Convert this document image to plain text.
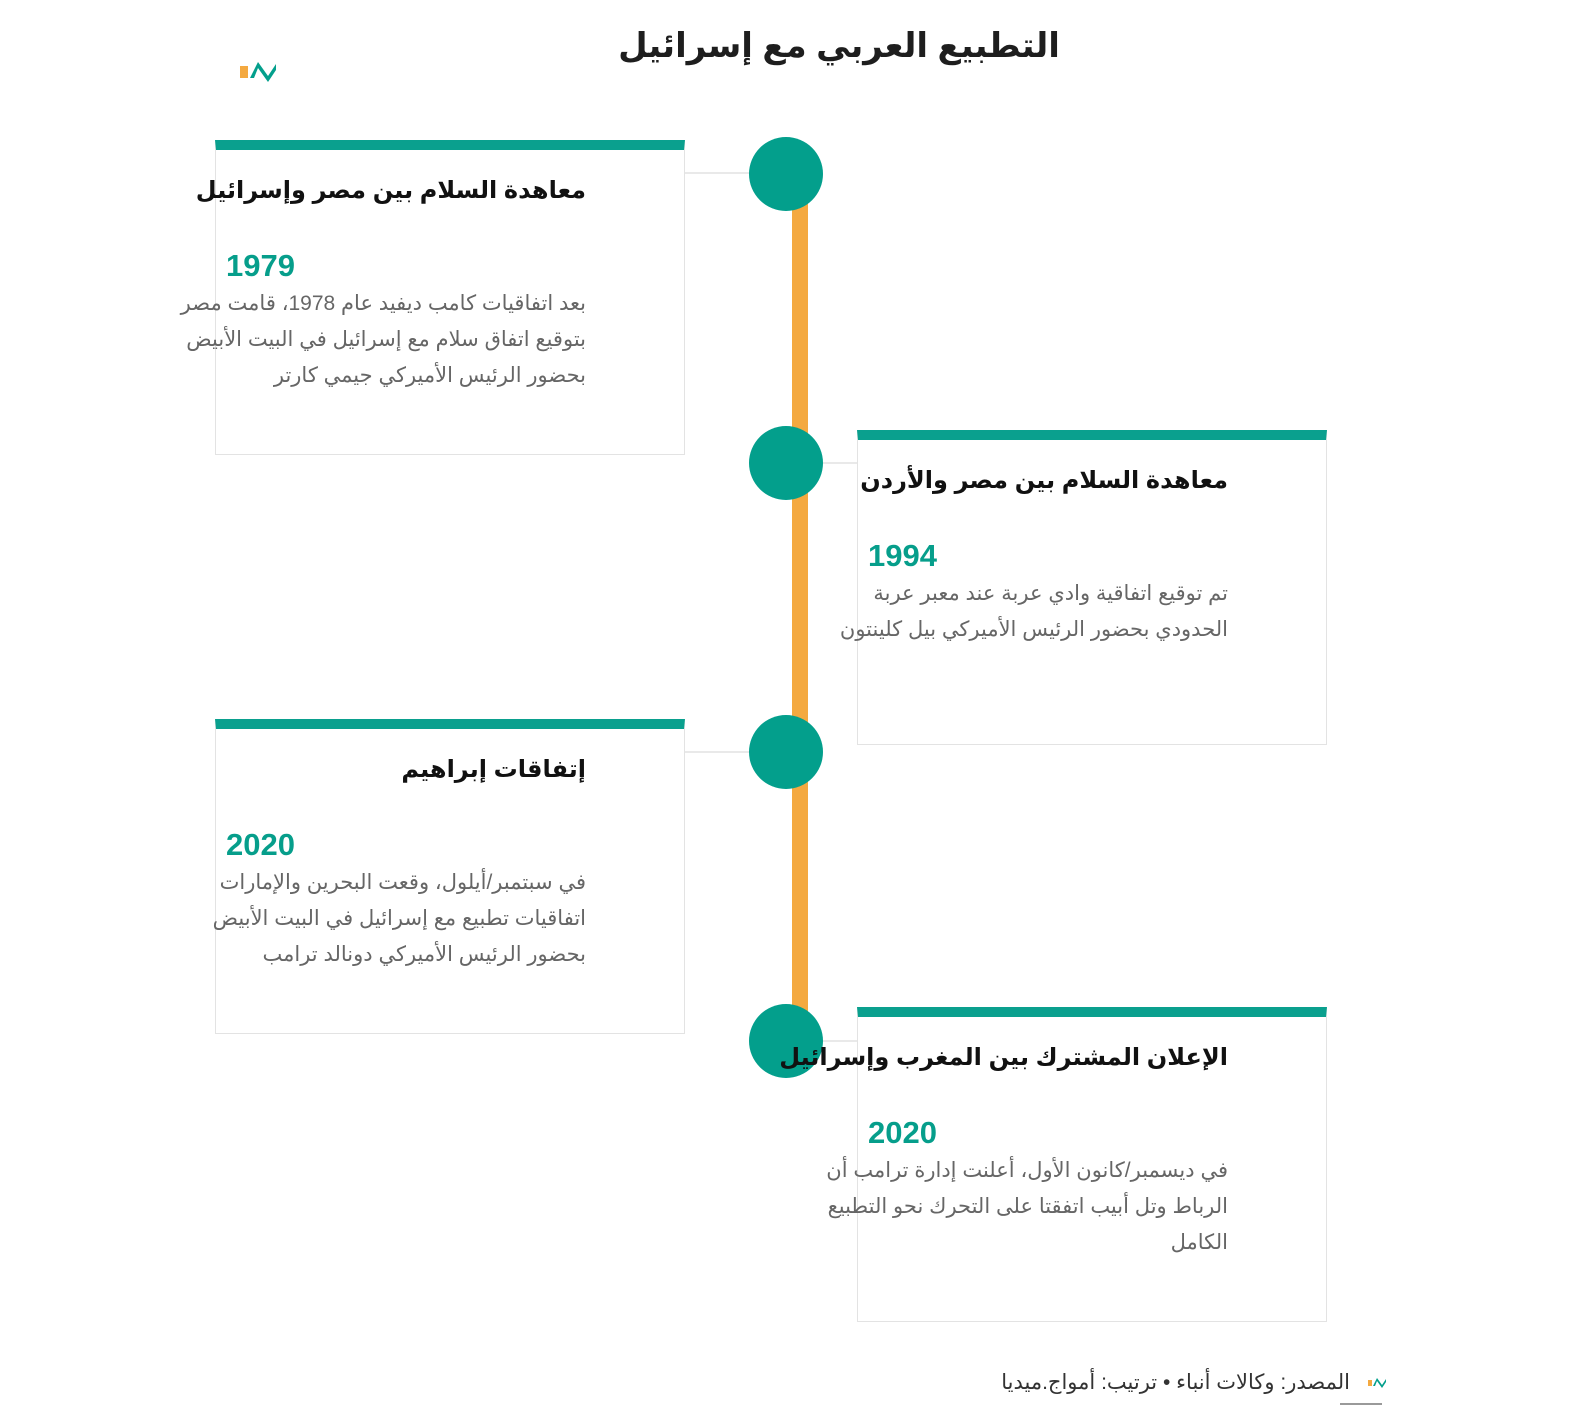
التطبيع العربي مع إسرائيل
معاهدة السلام بين مصر وإسرائيل
1979
بعد اتفاقيات كامب ديفيد عام 1978، قامت مصر بتوقيع اتفاق سلام مع إسرائيل في البيت الأبيض بحضور الرئيس الأميركي جيمي كارتر
معاهدة السلام بين مصر والأردن
1994
تم توقيع اتفاقية وادي عربة عند معبر عربة الحدودي بحضور الرئيس الأميركي بيل كلينتون
إتفاقات إبراهيم
2020
في سبتمبر/أيلول، وقعت البحرين والإمارات اتفاقيات تطبيع مع إسرائيل في البيت الأبيض بحضور الرئيس الأميركي دونالد ترامب
الإعلان المشترك بين المغرب وإسرائيل
2020
في ديسمبر/كانون الأول، أعلنت إدارة ترامب أن الرباط وتل أبيب اتفقتا على التحرك نحو التطبيع الكامل
المصدر: وكالات أنباء • ترتيب: أمواج.ميديا
